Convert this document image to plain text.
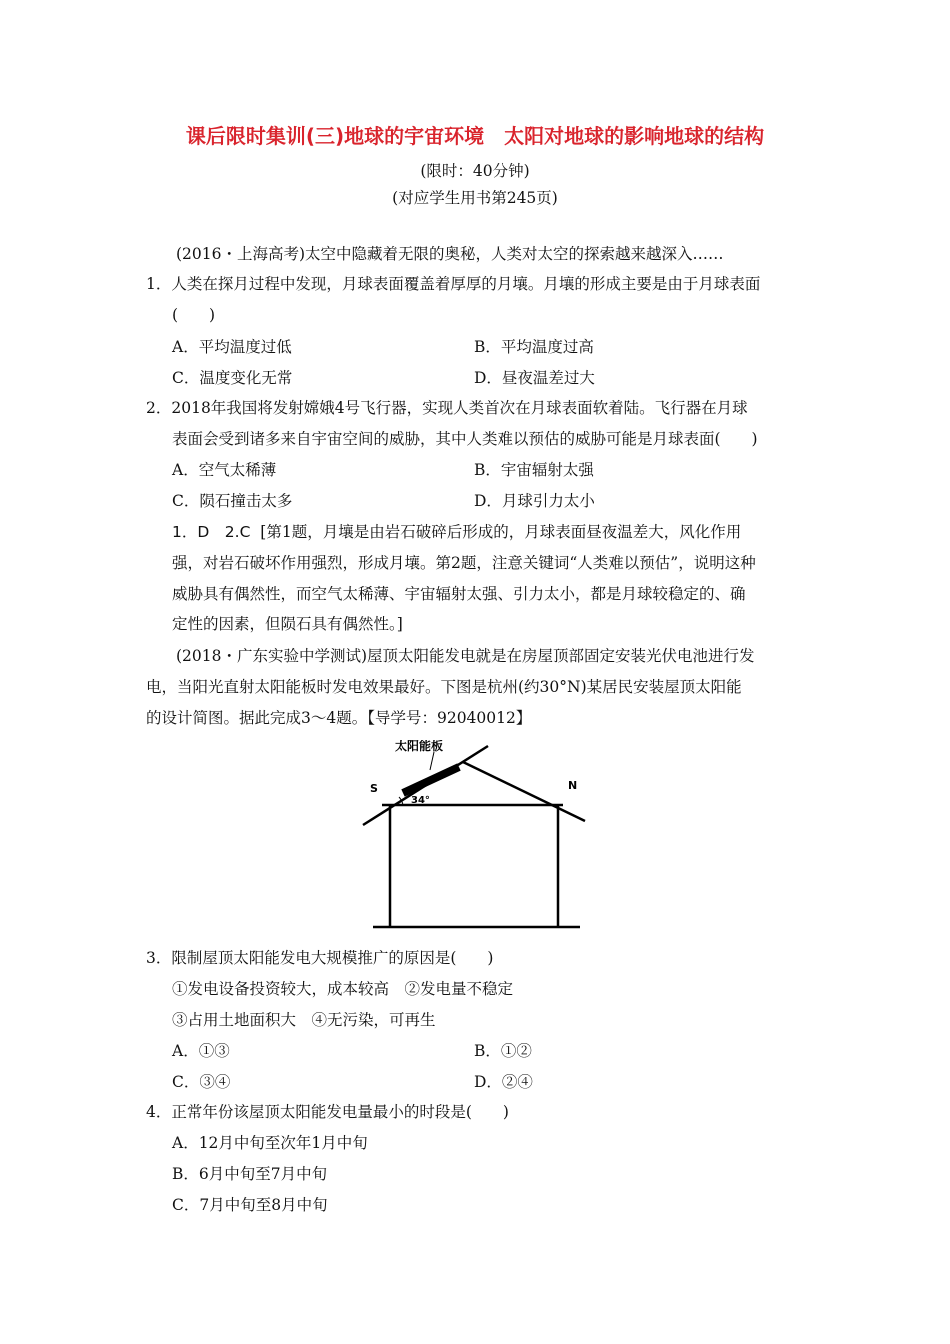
课后限时集训(三)地球的宇宙环境　太阳对地球的影响地球的结构
(限时：40分钟)
(对应学生用书第245页)
(2016・上海高考)太空中隐藏着无限的奥秘，人类对太空的探索越来越深入……
1．人类在探月过程中发现，月球表面覆盖着厚厚的月壤。月壤的形成主要是由于月球表面
(　　)
A．平均温度过低	B．平均温度过高
C．温度变化无常	D．昼夜温差过大
2．2018年我国将发射嫦娥4号飞行器，实现人类首次在月球表面软着陆。飞行器在月球
表面会受到诸多来自宇宙空间的威胁，其中人类难以预估的威胁可能是月球表面(　　)
A．空气太稀薄	B．宇宙辐射太强
C．陨石撞击太多	D．月球引力太小
1．D　2.C [第1题，月壤是由岩石破碎后形成的，月球表面昼夜温差大，风化作用
强，对岩石破坏作用强烈，形成月壤。第2题，注意关键词“人类难以预估”，说明这种
威胁具有偶然性，而空气太稀薄、宇宙辐射太强、引力太小，都是月球较稳定的、确
定性的因素，但陨石具有偶然性。]
(2018・广东实验中学测试)屋顶太阳能发电就是在房屋顶部固定安装光伏电池进行发
电，当阳光直射太阳能板时发电效果最好。下图是杭州(约30°N)某居民安装屋顶太阳能
的设计简图。据此完成3～4题。【导学号：92040012】
太阳能板
S	N
34°
3．限制屋顶太阳能发电大规模推广的原因是(　　)
①发电设备投资较大，成本较高　②发电量不稳定
③占用土地面积大　④无污染，可再生
A．①③	B．①②
C．③④	D．②④
4．正常年份该屋顶太阳能发电量最小的时段是(　　)
A．12月中旬至次年1月中旬
B．6月中旬至7月中旬
C．7月中旬至8月中旬
